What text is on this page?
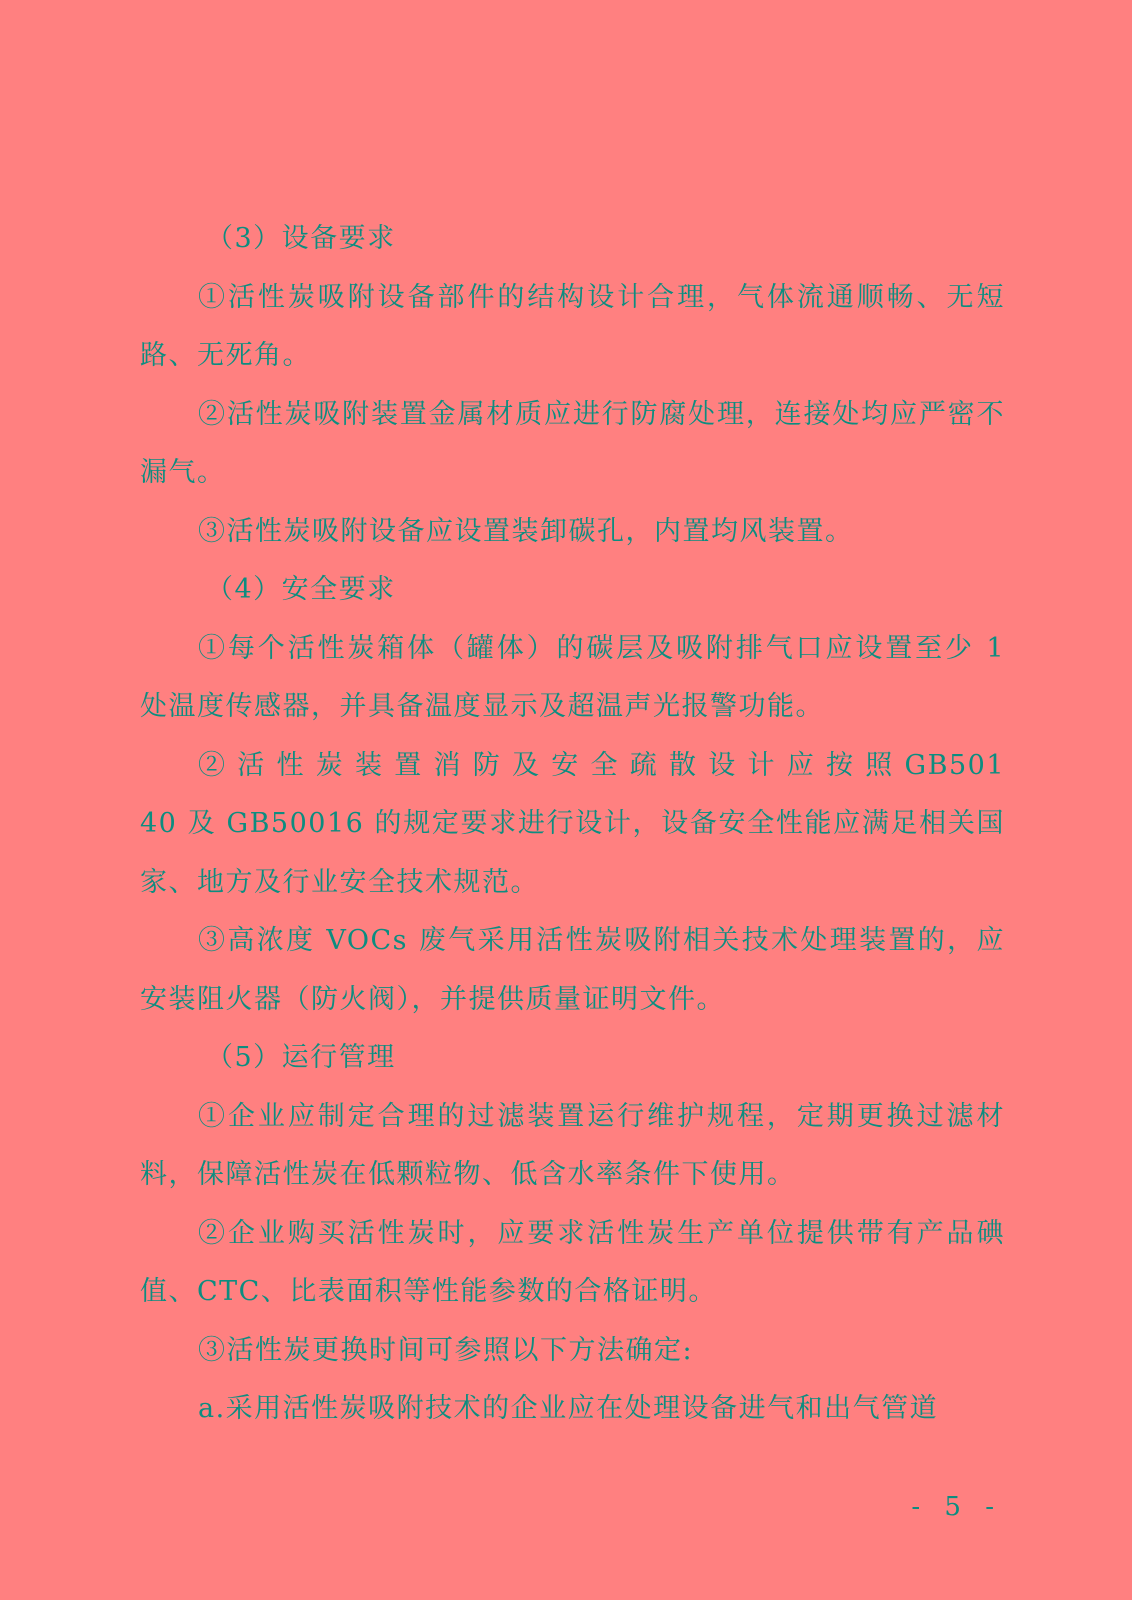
（3）设备要求

①活性炭吸附设备部件的结构设计合理，气体流通顺畅、无短路、无死角。

②活性炭吸附装置金属材质应进行防腐处理，连接处均应严密不漏气。

③活性炭吸附设备应设置装卸碳孔，内置均风装置。

（4）安全要求

①每个活性炭箱体（罐体）的碳层及吸附排气口应设置至少 1 处温度传感器，并具备温度显示及超温声光报警功能。

② 活 性 炭 装 置 消 防 及 安 全 疏 散 设 计 应 按 照 GB50140 及 GB50016 的规定要求进行设计，设备安全性能应满足相关国家、地方及行业安全技术规范。

③高浓度 VOCs 废气采用活性炭吸附相关技术处理装置的，应安装阻火器（防火阀），并提供质量证明文件。

（5）运行管理

①企业应制定合理的过滤装置运行维护规程，定期更换过滤材料，保障活性炭在低颗粒物、低含水率条件下使用。

②企业购买活性炭时，应要求活性炭生产单位提供带有产品碘值、CTC、比表面积等性能参数的合格证明。

③活性炭更换时间可参照以下方法确定:

a.采用活性炭吸附技术的企业应在处理设备进气和出气管道

- 5 -
